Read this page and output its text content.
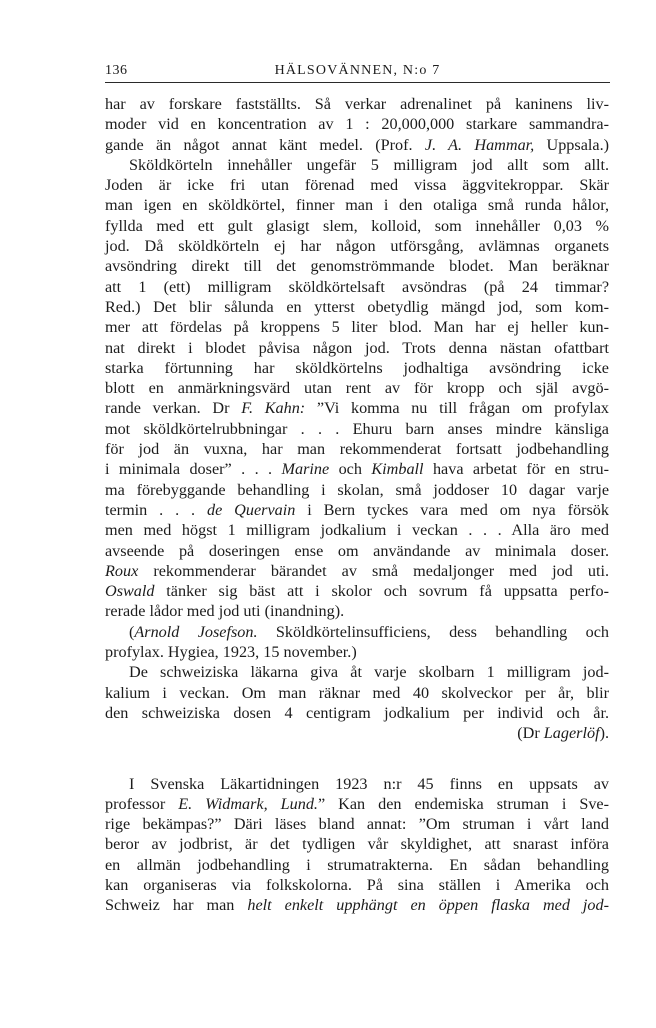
136	HÄLSOVÄNNEN, N:o 7
har av forskare fastställts. Så verkar adrenalinet på kaninens liv-
moder vid en koncentration av 1 : 20,000,000 starkare sammandra-
gande än något annat känt medel. (Prof. J. A. Hammar, Uppsala.)
Sköldkörteln innehåller ungefär 5 milligram jod allt som allt.
Joden är icke fri utan förenad med vissa äggvitekroppar. Skär
man igen en sköldkörtel, finner man i den otaliga små runda hålor,
fyllda med ett gult glasigt slem, kolloid, som innehåller 0,03 %
jod. Då sköldkörteln ej har någon utförsgång, avlämnas organets
avsöndring direkt till det genomströmmande blodet. Man beräknar
att 1 (ett) milligram sköldkörtelsaft avsöndras (på 24 timmar?
Red.) Det blir sålunda en ytterst obetydlig mängd jod, som kom-
mer att fördelas på kroppens 5 liter blod. Man har ej heller kun-
nat direkt i blodet påvisa någon jod. Trots denna nästan ofattbart
starka förtunning har sköldkörtelns jodhaltiga avsöndring icke
blott en anmärkningsvärd utan rent av för kropp och själ avgö-
rande verkan. Dr F. Kahn: ”Vi komma nu till frågan om profylax
mot sköldkörtelrubbningar . . . Ehuru barn anses mindre känsliga
för jod än vuxna, har man rekommenderat fortsatt jodbehandling
i minimala doser” . . . Marine och Kimball hava arbetat för en stru-
ma förebyggande behandling i skolan, små joddoser 10 dagar varje
termin . . . de Quervain i Bern tyckes vara med om nya försök
men med högst 1 milligram jodkalium i veckan . . . Alla äro med
avseende på doseringen ense om användande av minimala doser.
Roux rekommenderar bärandet av små medaljonger med jod uti.
Oswald tänker sig bäst att i skolor och sovrum få uppsatta perfo-
rerade lådor med jod uti (inandning).
(Arnold Josefson. Sköldkörtelinsufficiens, dess behandling och
profylax. Hygiea, 1923, 15 november.)
De schweiziska läkarna giva åt varje skolbarn 1 milligram jod-
kalium i veckan. Om man räknar med 40 skolveckor per år, blir
den schweiziska dosen 4 centigram jodkalium per individ och år.
(Dr Lagerlöf).
I Svenska Läkartidningen 1923 n:r 45 finns en uppsats av
professor E. Widmark, Lund.” Kan den endemiska struman i Sve-
rige bekämpas?” Däri läses bland annat: ”Om struman i vårt land
beror av jodbrist, är det tydligen vår skyldighet, att snarast införa
en allmän jodbehandling i strumatrakterna. En sådan behandling
kan organiseras via folkskolorna. På sina ställen i Amerika och
Schweiz har man helt enkelt upphängt en öppen flaska med jod-
